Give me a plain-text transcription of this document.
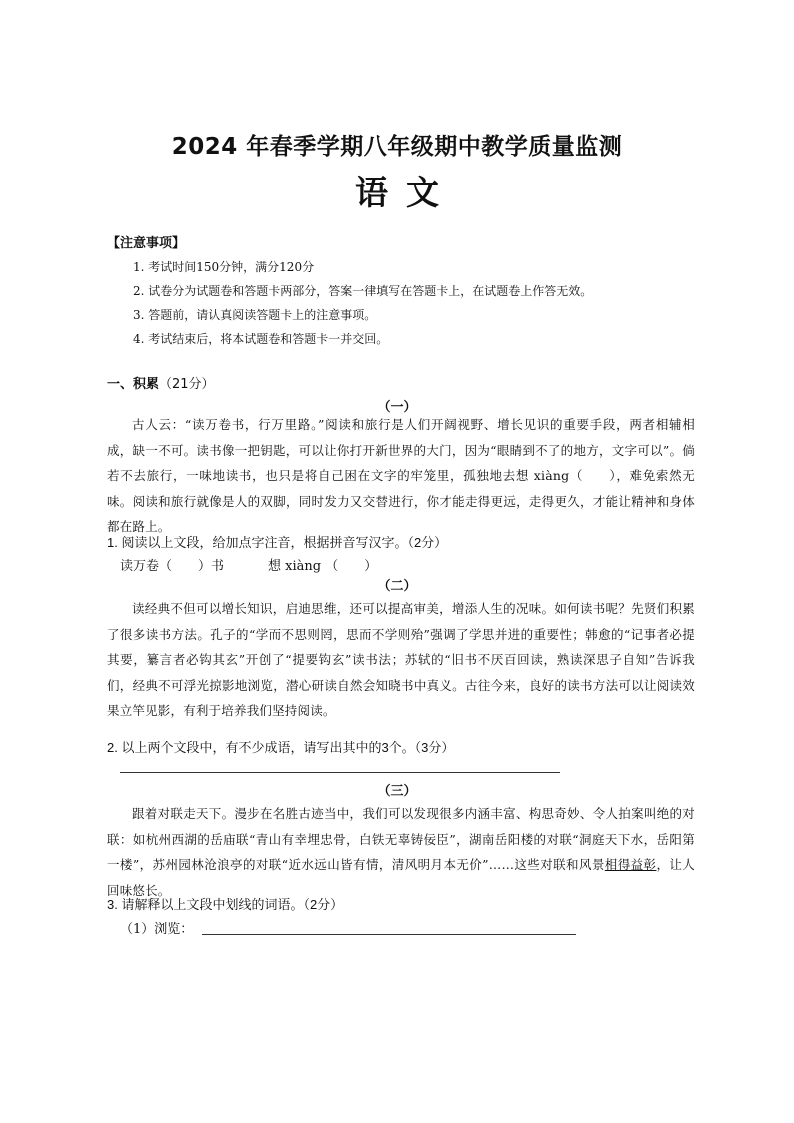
2024 年春季学期八年级期中教学质量监测
语文
【注意事项】
1. 考试时间150分钟，满分120分
2. 试卷分为试题卷和答题卡两部分，答案一律填写在答题卡上，在试题卷上作答无效。
3. 答题前，请认真阅读答题卡上的注意事项。
4. 考试结束后，将本试题卷和答题卡一并交回。
一、积累（21分）
（一）
古人云：“读万卷书，行万里路。”阅读和旅行是人们开阔视野、增长见识的重要手段，两者相辅相成，缺一不可。读书像一把钥匙，可以让你打开新世界的大门，因为“眼睛到不了的地方，文字可以”。倘若不去旅行，一味地读书，也只是将自己困在文字的牢笼里，孤独地去想 xiàng（　　），难免索然无味。阅读和旅行就像是人的双脚，同时发力又交替进行，你才能走得更远，走得更久，才能让精神和身体都在路上。
1. 阅读以上文段，给加点字注音，根据拼音写汉字。（2分）
读万卷（　　）书	想 xiàng （　　）
（二）
读经典不但可以增长知识，启迪思维，还可以提高审美，增添人生的况味。如何读书呢？先贤们积累了很多读书方法。孔子的“学而不思则罔，思而不学则殆”强调了学思并进的重要性；韩愈的“记事者必提其要，纂言者必钩其玄”开创了“提要钩玄”读书法；苏轼的“旧书不厌百回读，熟读深思子自知”告诉我们，经典不可浮光掠影地浏览，潜心研读自然会知晓书中真义。古往今来，良好的读书方法可以让阅读效果立竿见影，有利于培养我们坚持阅读。
2. 以上两个文段中，有不少成语，请写出其中的3个。（3分）
（三）
跟着对联走天下。漫步在名胜古迹当中，我们可以发现很多内涵丰富、构思奇妙、令人拍案叫绝的对联：如杭州西湖的岳庙联“青山有幸埋忠骨，白铁无辜铸佞臣”，湖南岳阳楼的对联“洞庭天下水，岳阳第一楼”，苏州园林沧浪亭的对联“近水远山皆有情，清风明月本无价”……这些对联和风景相得益彰，让人回味悠长。
3. 请解释以上文段中划线的词语。（2分）
（1）浏览：
